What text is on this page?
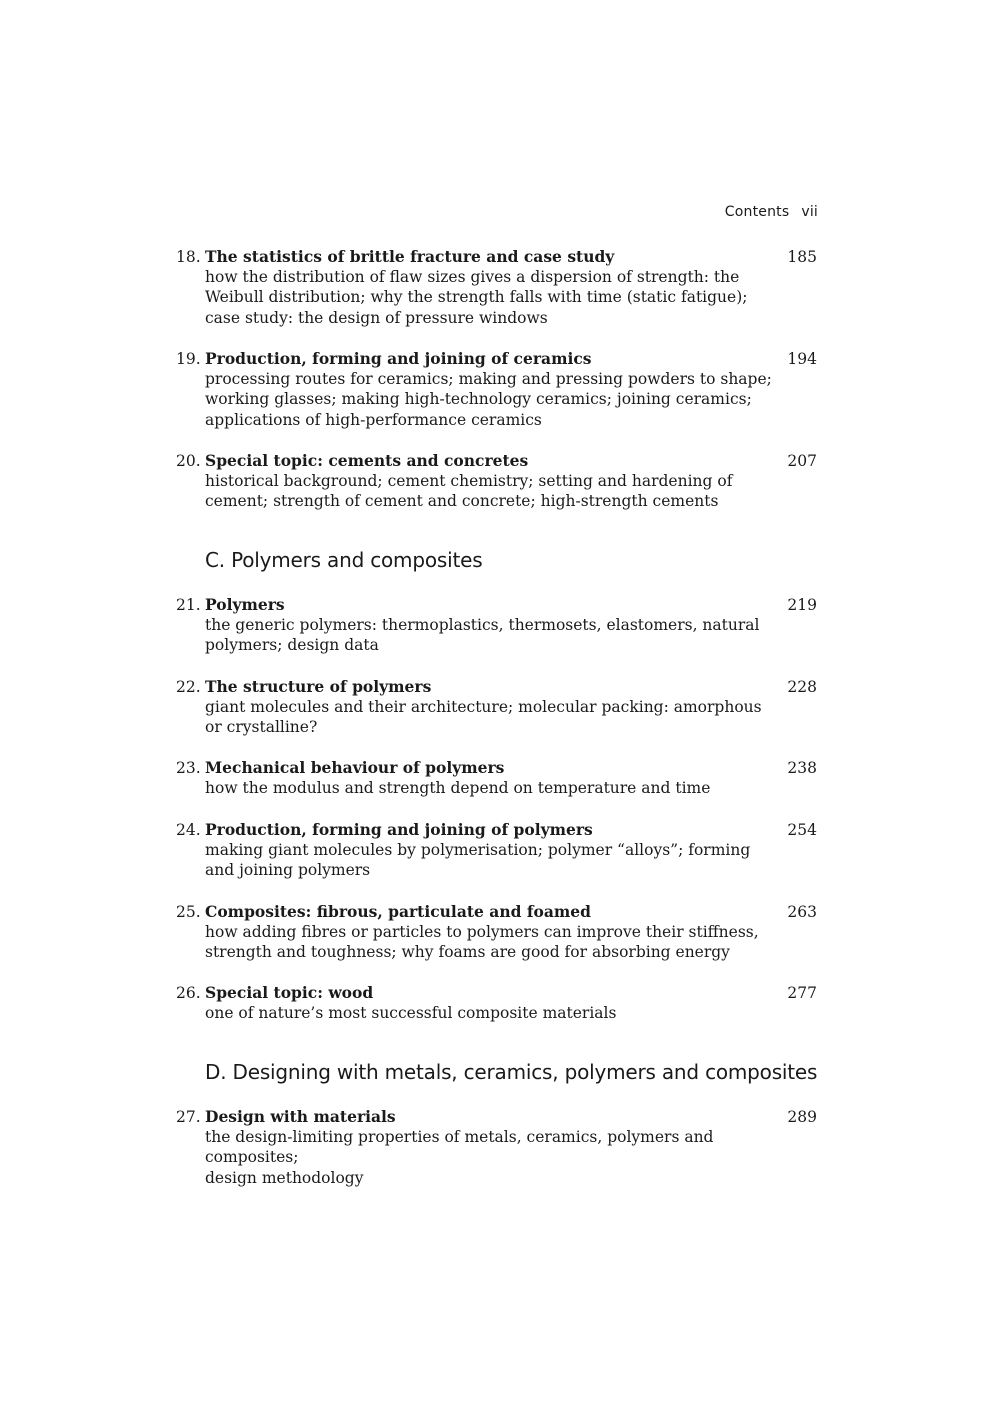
Contents vii
18. The statistics of brittle fracture and case study	185
how the distribution of flaw sizes gives a dispersion of strength: the
Weibull distribution; why the strength falls with time (static fatigue);
case study: the design of pressure windows
19. Production, forming and joining of ceramics	194
processing routes for ceramics; making and pressing powders to shape;
working glasses; making high-technology ceramics; joining ceramics;
applications of high-performance ceramics
20. Special topic: cements and concretes	207
historical background; cement chemistry; setting and hardening of
cement; strength of cement and concrete; high-strength cements
C. Polymers and composites
21. Polymers	219
the generic polymers: thermoplastics, thermosets, elastomers, natural
polymers; design data
22. The structure of polymers	228
giant molecules and their architecture; molecular packing: amorphous
or crystalline?
23. Mechanical behaviour of polymers	238
how the modulus and strength depend on temperature and time
24. Production, forming and joining of polymers	254
making giant molecules by polymerisation; polymer “alloys”; forming
and joining polymers
25. Composites: fibrous, particulate and foamed	263
how adding fibres or particles to polymers can improve their stiffness,
strength and toughness; why foams are good for absorbing energy
26. Special topic: wood	277
one of nature’s most successful composite materials
D. Designing with metals, ceramics, polymers and composites
27. Design with materials	289
the design-limiting properties of metals, ceramics, polymers and composites;
design methodology
